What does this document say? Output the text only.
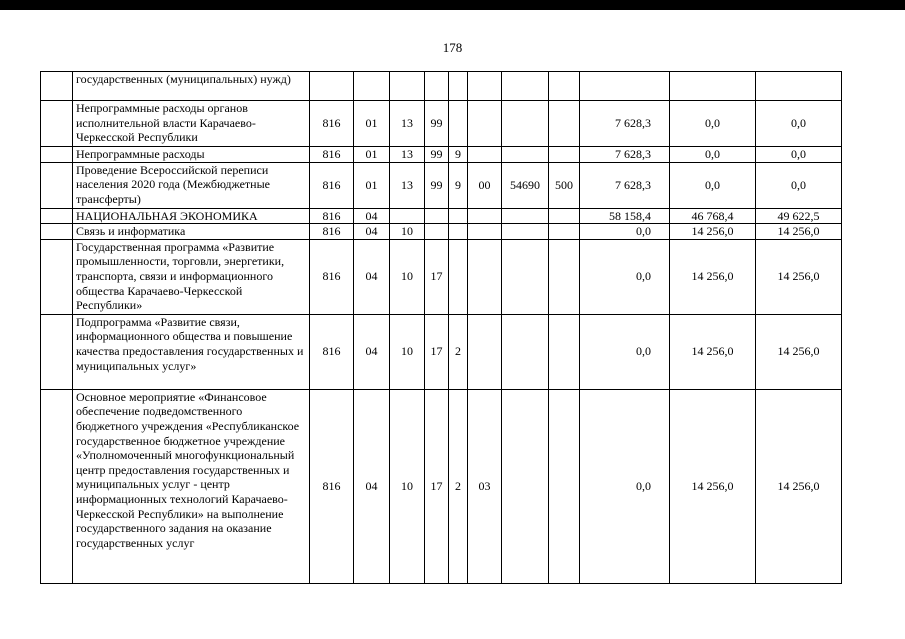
178
	государственных (муниципальных) нужд)											
	Непрограммные расходы органов исполнительной власти Карачаево-Черкесской Республики	816	01	13	99					7 628,3	0,0	0,0
	Непрограммные расходы	816	01	13	99	9				7 628,3	0,0	0,0
	Проведение Всероссийской переписи населения 2020 года (Межбюджетные трансферты)	816	01	13	99	9	00	54690	500	7 628,3	0,0	0,0
	НАЦИОНАЛЬНАЯ ЭКОНОМИКА	816	04							58 158,4	46 768,4	49 622,5
	Связь и информатика	816	04	10						0,0	14 256,0	14 256,0
	Государственная программа «Развитие промышленности, торговли, энергетики, транспорта, связи и информационного общества Карачаево-Черкесской Республики»	816	04	10	17					0,0	14 256,0	14 256,0
	Подпрограмма «Развитие связи, информационного общества и повышение качества предоставления государственных и муниципальных услуг»	816	04	10	17	2				0,0	14 256,0	14 256,0
	Основное мероприятие «Финансовое обеспечение подведомственного бюджетного учреждения «Республиканское государственное бюджетное учреждение «Уполномоченный многофункциональный центр предоставления государственных и муниципальных услуг - центр информационных технологий Карачаево-Черкесской Республики» на выполнение государственного задания на оказание государственных услуг	816	04	10	17	2	03			0,0	14 256,0	14 256,0
